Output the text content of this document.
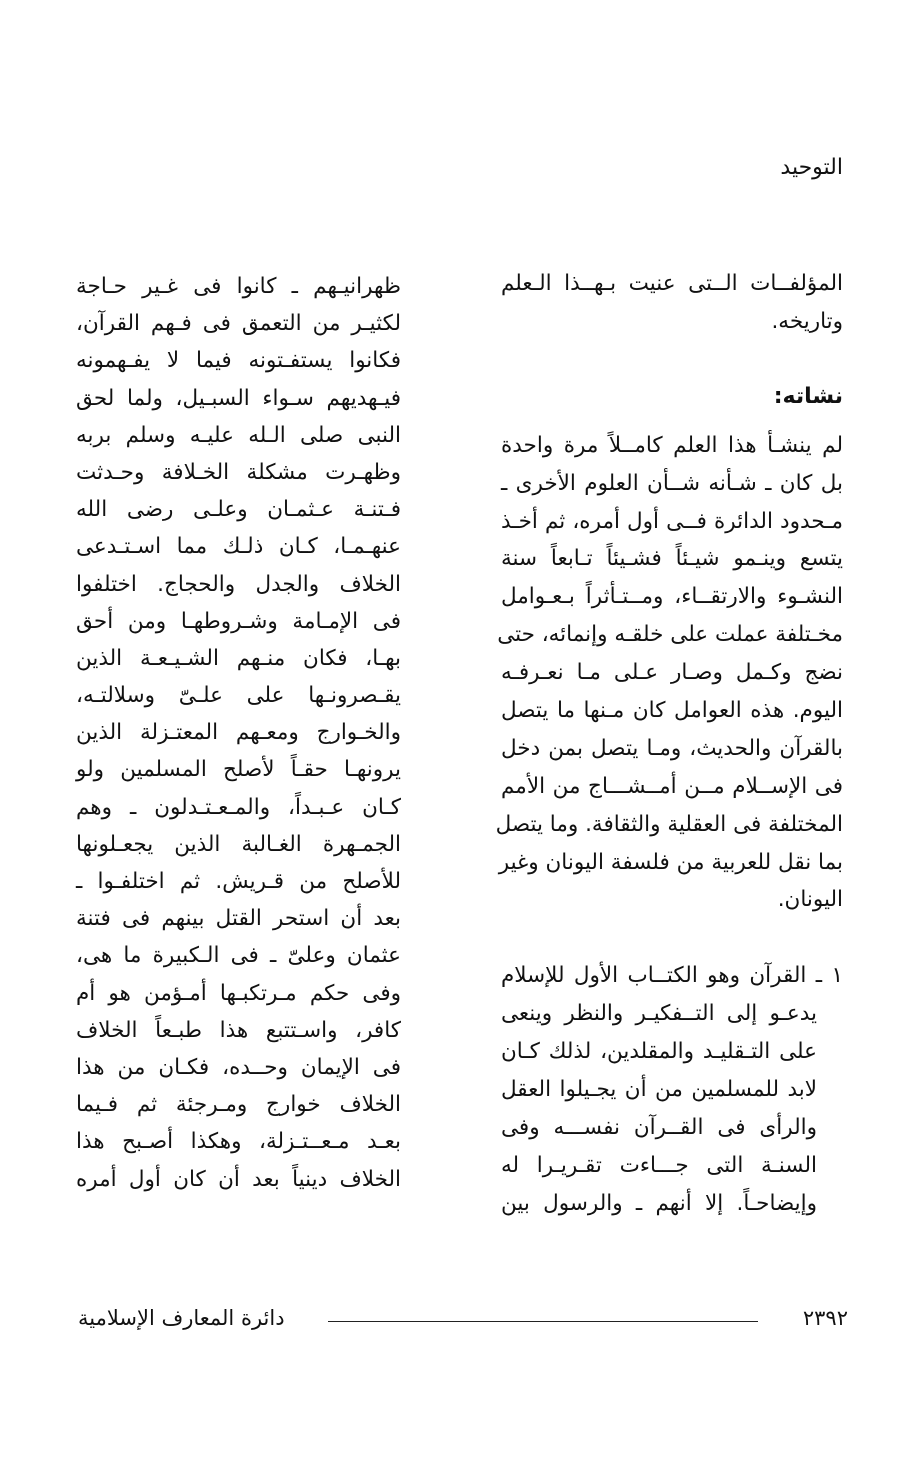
التوحيد
المؤلفــات الــتى عنيت بـهــذا الـعلم
وتاريخه.
نشاته:
لم ينشـأ هذا العلم كامــلاً مرة واحدة
بل كان ـ شـأنه شــأن العلوم الأخرى ـ
مـحدود الدائرة فــى أول أمره، ثم أخـذ
يتسع وينـمو شيـئاً فشـيئاً تـابعاً سنة
النشـوء والارتقــاء، ومــتـأثراً بـعـوامل
مخـتلفة عملت على خلقـه وإنمائه، حتى
نضج وكـمل وصـار عـلى مـا نعـرفـه
اليوم. هذه العوامل كان مـنها ما يتصل
بالقرآن والحديث، ومـا يتصل بمن دخل
فى الإســلام مــن أمــشـــاج من الأمم
المختلفة فى العقلية والثقافة. وما يتصل
بما نقل للعربية من فلسفة اليونان وغير
اليونان.
١ ـ القرآن وهو الكتــاب الأول للإسلام
يدعـو إلى التــفكيـر والنظر وينعى
على التـقليـد والمقلدين، لذلك كـان
لابد للمسلمين من أن يجـيلوا العقل
والرأى فى القــرآن نفســـه وفى
السنـة التى جـــاءت تقـريـرا له
وإيضاحـاً. إلا أنهم ـ والرسول بين
ظهرانيـهم ـ كانوا فى غـير حـاجة
لكثيـر من التعمق فى فـهم القرآن،
فكانوا يستفـتونه فيما لا يفـهمونه
فيـهديهم سـواء السبـيل، ولما لحق
النبى صلى الـله عليـه وسلم بربه
وظهـرت مشكلة الخـلافة وحـدثت
فـتنـة عـثمـان وعلـى رضى الله
عنهـمـا، كـان ذلـك مما اسـتـدعى
الخلاف والجدل والحجاج. اختلفوا
فى الإمـامة وشـروطهـا ومن أحق
بهـا، فكان منـهم الشـيـعـة الذين
يقـصرونـها على علـىّ وسلالتـه،
والخـوارج ومعـهم المعتـزلة الذين
يرونهـا حقـاً لأصلح المسلمين ولو
كـان عـبـداً، والمـعـتـدلون ـ وهم
الجمـهرة الغـالبة الذين يجعـلونها
للأصلح من قـريش. ثم اختلفـوا ـ
بعد أن استحر القتل بينهم فى فتنة
عثمان وعلىّ ـ فى الـكبيرة ما هى،
وفى حكم مـرتكبـها أمـؤمن هو أم
كافر، واسـتتبع هذا طبـعاً الخلاف
فى الإيمان وحــده، فكـان من هذا
الخلاف خوارج ومـرجئة ثم فـيما
بعـد مـعــتـزلة، وهكذا أصـبح هذا
الخلاف دينياً بعد أن كان أول أمره
٢٣٩٢
دائرة المعارف الإسلامية
